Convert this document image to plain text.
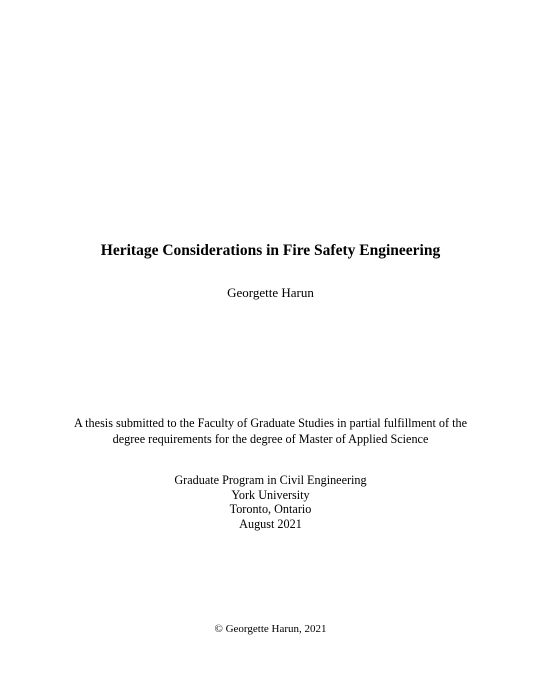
Heritage Considerations in Fire Safety Engineering
Georgette Harun
A thesis submitted to the Faculty of Graduate Studies in partial fulfillment of the
degree requirements for the degree of Master of Applied Science
Graduate Program in Civil Engineering
York University
Toronto, Ontario
August 2021
© Georgette Harun, 2021
